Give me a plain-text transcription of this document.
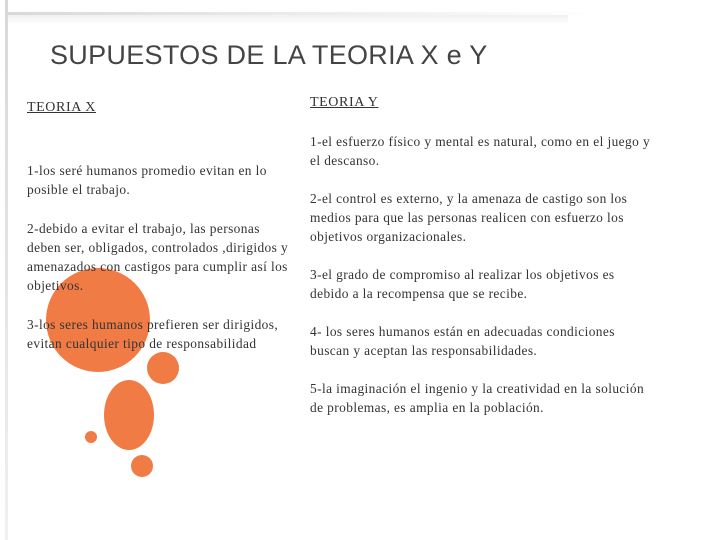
SUPUESTOS DE LA TEORIA X e Y
TEORIA X

1-los seré humanos promedio evitan en lo posible el trabajo.

2-debido a evitar el trabajo, las personas deben ser, obligados, controlados ,dirigidos y amenazados con castigos para cumplir así los objetivos.

3-los seres humanos prefieren ser dirigidos, evitan cualquier tipo de responsabilidad

TEORIA Y

1-el esfuerzo físico y mental es natural, como en el juego y el descanso.

2-el control es externo, y la amenaza de castigo son los medios para que las personas realicen con esfuerzo los objetivos organizacionales.

3-el grado de compromiso al realizar los objetivos es debido a la recompensa que se recibe.

4- los seres humanos están en adecuadas condiciones buscan y aceptan las responsabilidades.

5-la imaginación el ingenio y la creatividad en la solución de problemas, es amplia en la población.
